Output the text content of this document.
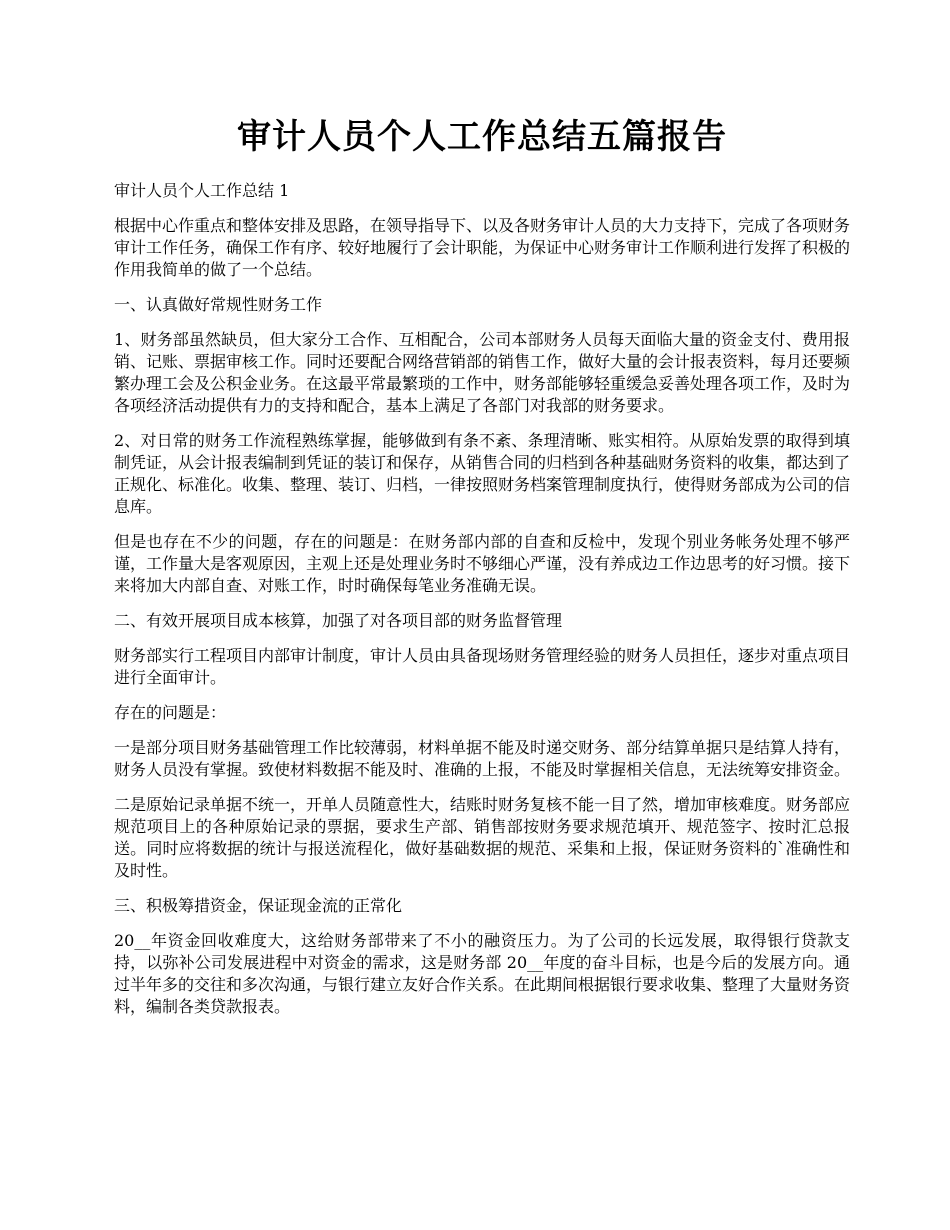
审计人员个人工作总结五篇报告

审计人员个人工作总结 1

根据中心作重点和整体安排及思路，在领导指导下、以及各财务审计人员的大力支持下，完成了各项财务审计工作任务，确保工作有序、较好地履行了会计职能，为保证中心财务审计工作顺利进行发挥了积极的作用我简单的做了一个总结。

一、认真做好常规性财务工作

1、财务部虽然缺员，但大家分工合作、互相配合，公司本部财务人员每天面临大量的资金支付、费用报销、记账、票据审核工作。同时还要配合网络营销部的销售工作，做好大量的会计报表资料，每月还要频繁办理工会及公积金业务。在这最平常最繁琐的工作中，财务部能够轻重缓急妥善处理各项工作，及时为各项经济活动提供有力的支持和配合，基本上满足了各部门对我部的财务要求。

2、对日常的财务工作流程熟练掌握，能够做到有条不紊、条理清晰、账实相符。从原始发票的取得到填制凭证，从会计报表编制到凭证的装订和保存，从销售合同的归档到各种基础财务资料的收集，都达到了正规化、标准化。收集、整理、装订、归档，一律按照财务档案管理制度执行，使得财务部成为公司的信息库。

但是也存在不少的问题，存在的问题是：在财务部内部的自查和反检中，发现个别业务帐务处理不够严谨，工作量大是客观原因，主观上还是处理业务时不够细心严谨，没有养成边工作边思考的好习惯。接下来将加大内部自查、对账工作，时时确保每笔业务准确无误。

二、有效开展项目成本核算，加强了对各项目部的财务监督管理

财务部实行工程项目内部审计制度，审计人员由具备现场财务管理经验的财务人员担任，逐步对重点项目进行全面审计。

存在的问题是：

一是部分项目财务基础管理工作比较薄弱，材料单据不能及时递交财务、部分结算单据只是结算人持有，财务人员没有掌握。致使材料数据不能及时、准确的上报，不能及时掌握相关信息，无法统筹安排资金。

二是原始记录单据不统一，开单人员随意性大，结账时财务复核不能一目了然，增加审核难度。财务部应规范项目上的各种原始记录的票据，要求生产部、销售部按财务要求规范填开、规范签字、按时汇总报送。同时应将数据的统计与报送流程化，做好基础数据的规范、采集和上报，保证财务资料的`准确性和及时性。

三、积极筹措资金，保证现金流的正常化

20__年资金回收难度大，这给财务部带来了不小的融资压力。为了公司的长远发展，取得银行贷款支持，以弥补公司发展进程中对资金的需求，这是财务部 20__年度的奋斗目标，也是今后的发展方向。通过半年多的交往和多次沟通，与银行建立友好合作关系。在此期间根据银行要求收集、整理了大量财务资料，编制各类贷款报表。
